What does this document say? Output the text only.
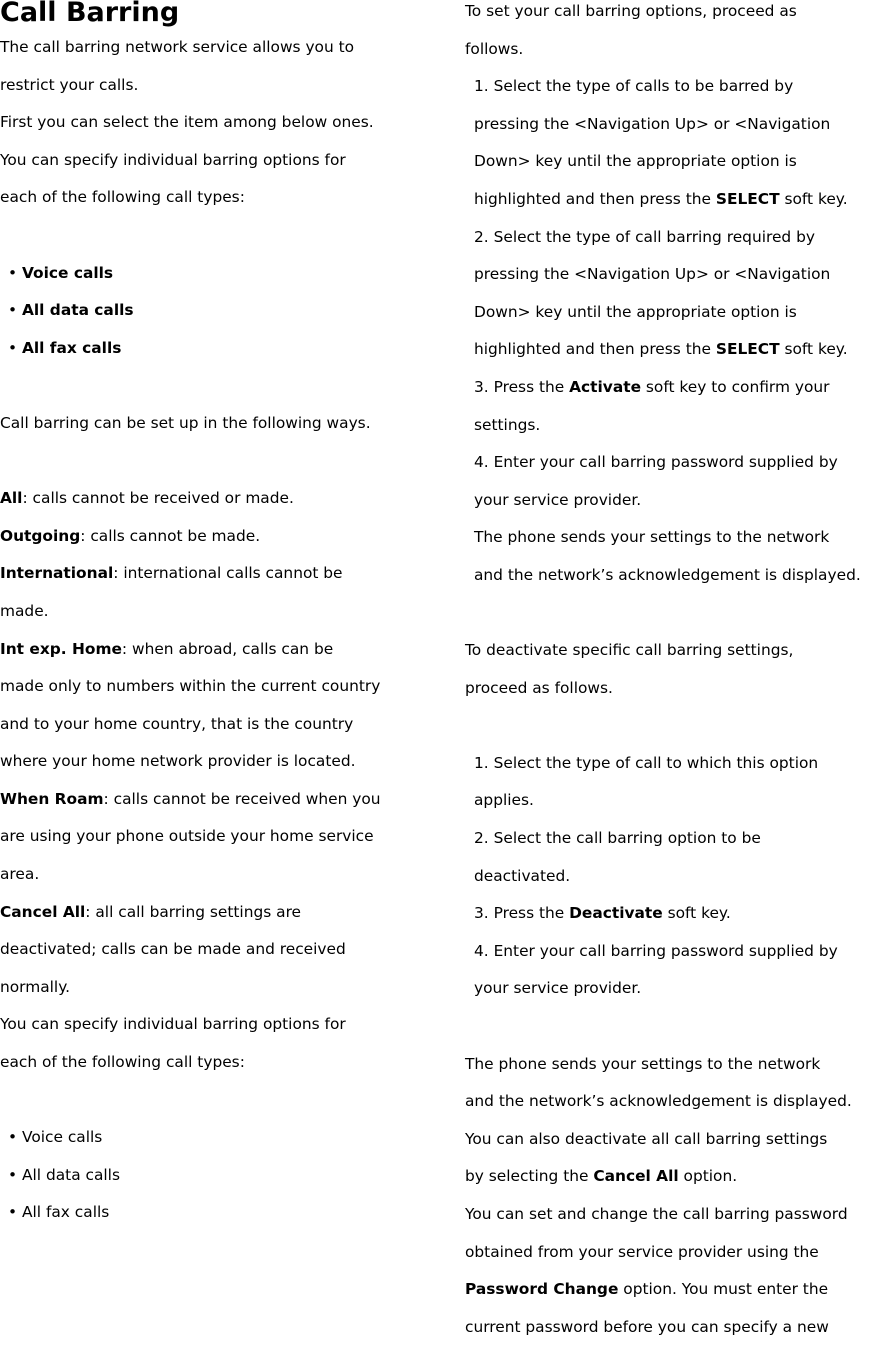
Call Barring
The call barring network service allows you to
restrict your calls.
First you can select the item among below ones.
You can specify individual barring options for
each of the following call types:
• Voice calls
• All data calls
• All fax calls
Call barring can be set up in the following ways.
All: calls cannot be received or made.
Outgoing: calls cannot be made.
International: international calls cannot be
made.
Int exp. Home: when abroad, calls can be
made only to numbers within the current country
and to your home country, that is the country
where your home network provider is located.
When Roam: calls cannot be received when you
are using your phone outside your home service
area.
Cancel All: all call barring settings are
deactivated; calls can be made and received
normally.
You can specify individual barring options for
each of the following call types:
• Voice calls
• All data calls
• All fax calls
To set your call barring options, proceed as
follows.
1. Select the type of calls to be barred by
pressing the <Navigation Up> or <Navigation
Down> key until the appropriate option is
highlighted and then press the SELECT soft key.
2. Select the type of call barring required by
pressing the <Navigation Up> or <Navigation
Down> key until the appropriate option is
highlighted and then press the SELECT soft key.
3. Press the Activate soft key to confirm your
settings.
4. Enter your call barring password supplied by
your service provider.
The phone sends your settings to the network
and the network’s acknowledgement is displayed.
To deactivate specific call barring settings,
proceed as follows.
1. Select the type of call to which this option
applies.
2. Select the call barring option to be
deactivated.
3. Press the Deactivate soft key.
4. Enter your call barring password supplied by
your service provider.
The phone sends your settings to the network
and the network’s acknowledgement is displayed.
You can also deactivate all call barring settings
by selecting the Cancel All option.
You can set and change the call barring password
obtained from your service provider using the
Password Change option. You must enter the
current password before you can specify a new
